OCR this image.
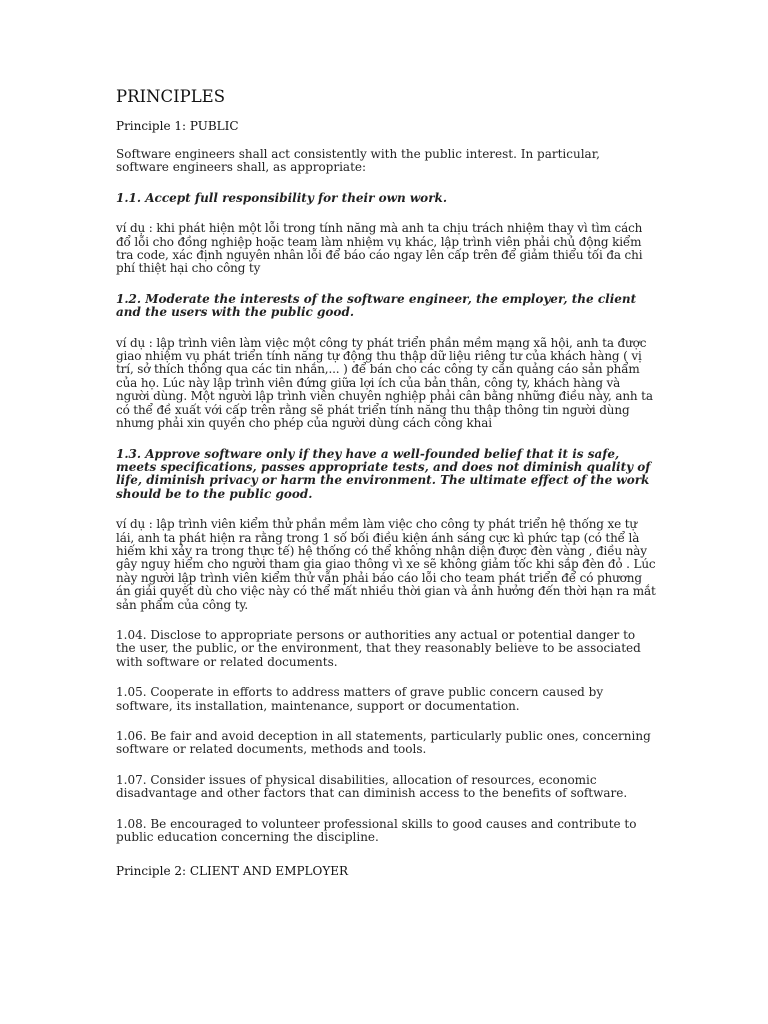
PRINCIPLES
Principle 1: PUBLIC

Software engineers shall act consistently with the public interest. In particular, software engineers shall, as appropriate:

1.1. Accept full responsibility for their own work.

ví dụ : khi phát hiện một lỗi trong tính năng mà anh ta chịu trách nhiệm thay vì tìm cách đổ lỗi cho đồng nghiệp hoặc team làm nhiệm vụ khác, lập trình viên phải chủ động kiểm tra code, xác định nguyên nhân lỗi để báo cáo ngay lên cấp trên để giảm thiểu tối đa chi phí thiệt hại cho công ty

1.2. Moderate the interests of the software engineer, the employer, the client and the users with the public good.

ví dụ : lập trình viên làm việc một công ty phát triển phần mềm mạng xã hội, anh ta được giao nhiệm vụ phát triển tính năng tự động thu thập dữ liệu riêng tư của khách hàng ( vị trí, sở thích thông qua các tin nhắn,... ) để bán cho các công ty cần quảng cáo sản phẩm của họ. Lúc này lập trình viên đứng giữa lợi ích của bản thân, công ty, khách hàng và người dùng. Một người lập trình viên chuyên nghiệp phải cân bằng những điều này, anh ta có thể đề xuất với cấp trên rằng sẽ phát triển tính năng thu thập thông tin người dùng nhưng phải xin quyền cho phép của người dùng cách công khai

1.3. Approve software only if they have a well-founded belief that it is safe, meets specifications, passes appropriate tests, and does not diminish quality of life, diminish privacy or harm the environment. The ultimate effect of the work should be to the public good.

ví dụ : lập trình viên kiểm thử phần mềm làm việc cho công ty phát triển hệ thống xe tự lái, anh ta phát hiện ra rằng trong 1 số bối điều kiện ánh sáng cực kì phức tạp (có thể là hiếm khi xảy ra trong thực tế) hệ thống có thể không nhận diện được đèn vàng , điều này gây nguy hiểm cho người tham gia giao thông vì xe sẽ không giảm tốc khi sắp đèn đỏ . Lúc này người lập trình viên kiểm thử vẫn phải báo cáo lỗi cho team phát triển để có phương án giải quyết dù cho việc này có thể mất nhiều thời gian và ảnh hưởng đến thời hạn ra mắt sản phẩm của công ty.

1.04. Disclose to appropriate persons or authorities any actual or potential danger to the user, the public, or the environment, that they reasonably believe to be associated with software or related documents.

1.05. Cooperate in efforts to address matters of grave public concern caused by software, its installation, maintenance, support or documentation.

1.06. Be fair and avoid deception in all statements, particularly public ones, concerning software or related documents, methods and tools.

1.07. Consider issues of physical disabilities, allocation of resources, economic disadvantage and other factors that can diminish access to the benefits of software.

1.08. Be encouraged to volunteer professional skills to good causes and contribute to public education concerning the discipline.

Principle 2: CLIENT AND EMPLOYER
